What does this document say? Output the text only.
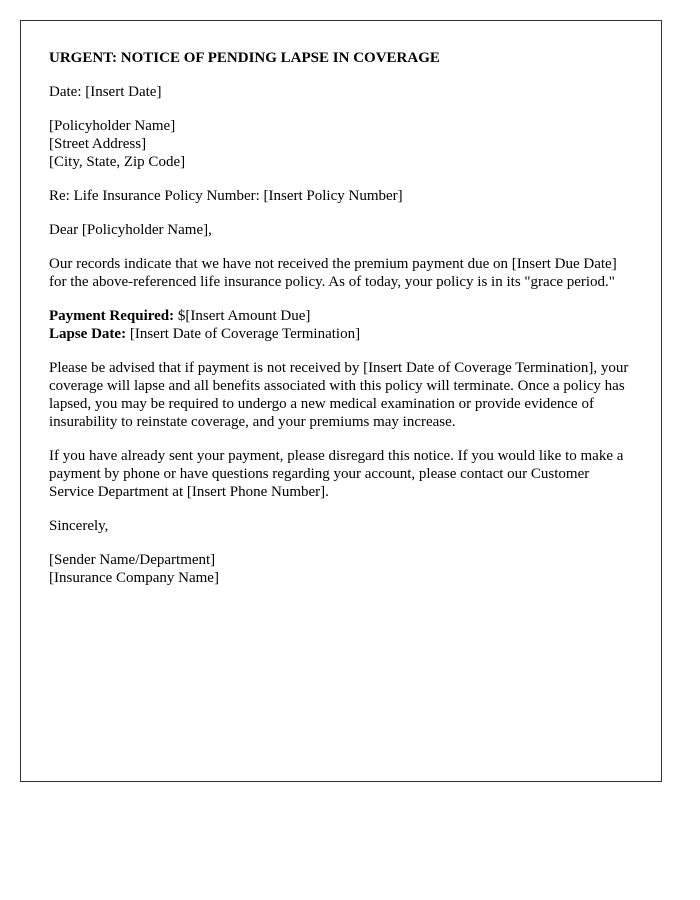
URGENT: NOTICE OF PENDING LAPSE IN COVERAGE

Date: [Insert Date]

[Policyholder Name]
[Street Address]
[City, State, Zip Code]

Re: Life Insurance Policy Number: [Insert Policy Number]

Dear [Policyholder Name],

Our records indicate that we have not received the premium payment due on [Insert Due Date] for the above-referenced life insurance policy. As of today, your policy is in its "grace period."

Payment Required: $[Insert Amount Due]
Lapse Date: [Insert Date of Coverage Termination]

Please be advised that if payment is not received by [Insert Date of Coverage Termination], your coverage will lapse and all benefits associated with this policy will terminate. Once a policy has lapsed, you may be required to undergo a new medical examination or provide evidence of insurability to reinstate coverage, and your premiums may increase.

If you have already sent your payment, please disregard this notice. If you would like to make a payment by phone or have questions regarding your account, please contact our Customer Service Department at [Insert Phone Number].

Sincerely,

[Sender Name/Department]
[Insurance Company Name]
